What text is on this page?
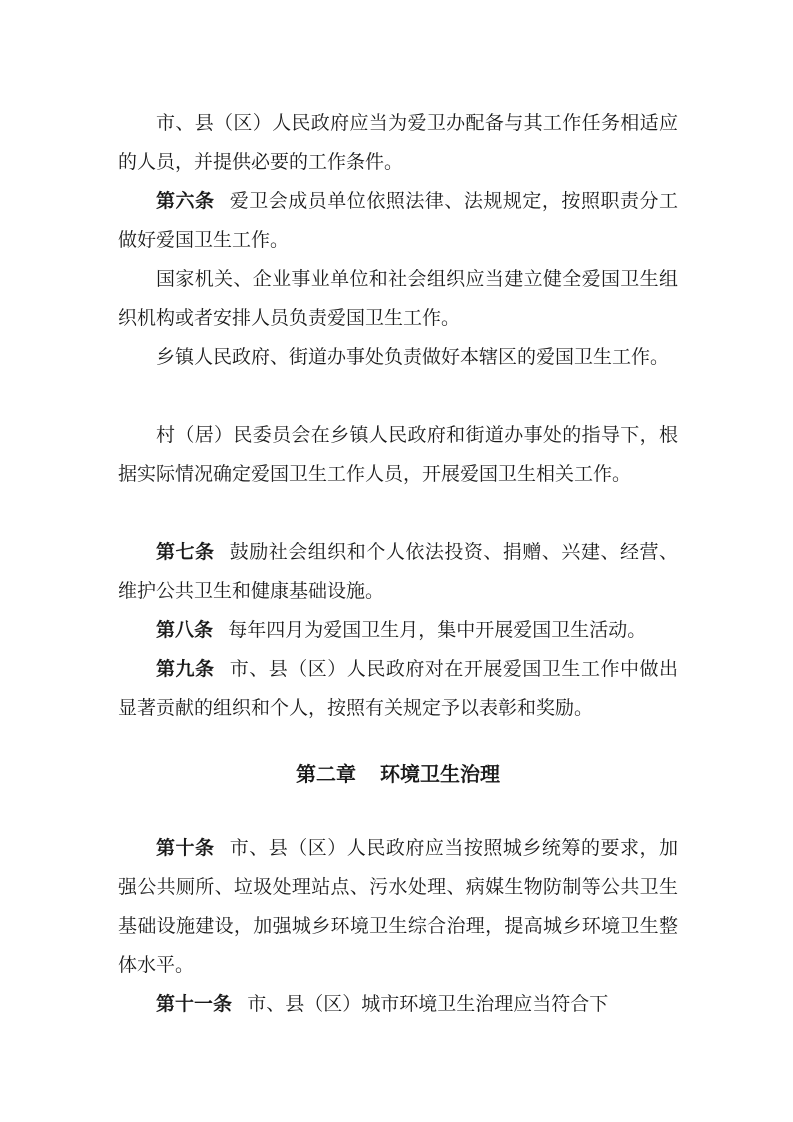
市、县（区）人民政府应当为爱卫办配备与其工作任务相适应的人员，并提供必要的工作条件。

第六条 爱卫会成员单位依照法律、法规规定，按照职责分工做好爱国卫生工作。

国家机关、企业事业单位和社会组织应当建立健全爱国卫生组织机构或者安排人员负责爱国卫生工作。

乡镇人民政府、街道办事处负责做好本辖区的爱国卫生工作。

村（居）民委员会在乡镇人民政府和街道办事处的指导下，根据实际情况确定爱国卫生工作人员，开展爱国卫生相关工作。

第七条 鼓励社会组织和个人依法投资、捐赠、兴建、经营、维护公共卫生和健康基础设施。

第八条 每年四月为爱国卫生月，集中开展爱国卫生活动。

第九条 市、县（区）人民政府对在开展爱国卫生工作中做出显著贡献的组织和个人，按照有关规定予以表彰和奖励。

第二章 环境卫生治理

第十条 市、县（区）人民政府应当按照城乡统筹的要求，加强公共厕所、垃圾处理站点、污水处理、病媒生物防制等公共卫生基础设施建设，加强城乡环境卫生综合治理，提高城乡环境卫生整体水平。

第十一条 市、县（区）城市环境卫生治理应当符合下
